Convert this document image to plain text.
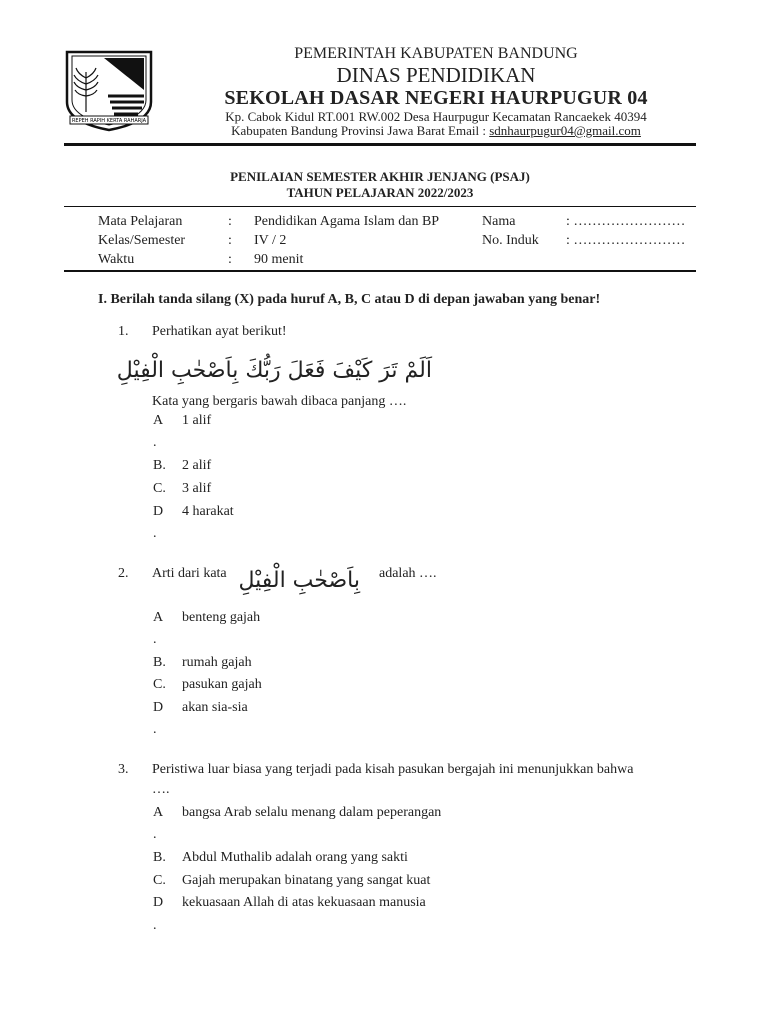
REPEH RAPIH KERTA RAHARJA
PEMERINTAH KABUPATEN BANDUNG
DINAS PENDIDIKAN
SEKOLAH DASAR NEGERI HAURPUGUR 04
Kp. Cabok Kidul RT.001 RW.002 Desa Haurpugur Kecamatan Rancaekek 40394
Kabupaten Bandung Provinsi Jawa Barat Email : sdnhaurpugur04@gmail.com
PENILAIAN SEMESTER AKHIR JENJANG (PSAJ)
TAHUN PELAJARAN 2022/2023
Mata Pelajaran	: Pendidikan Agama Islam dan BP	Nama	: ……………………
Kelas/Semester	: IV / 2	No. Induk : ……………………
Waktu	: 90 menit
I. Berilah tanda silang (X) pada huruf A, B, C atau D di depan jawaban yang benar!
1. Perhatikan ayat berikut!
اَلَمْ تَرَ كَيْفَ فَعَلَ رَبُّكَ بِاَصْحٰبِ الْفِيْلِ
Kata yang bergaris bawah dibaca panjang ….
A 1 alif
.
B. 2 alif
C. 3 alif
D 4 harakat
.
2. Arti dari kata بِاَصْحٰبِ الْفِيْلِ adalah ….
A benteng gajah
.
B. rumah gajah
C. pasukan gajah
D akan sia-sia
.
3. Peristiwa luar biasa yang terjadi pada kisah pasukan bergajah ini menunjukkan bahwa
….
A bangsa Arab selalu menang dalam peperangan
.
B. Abdul Muthalib adalah orang yang sakti
C. Gajah merupakan binatang yang sangat kuat
D kekuasaan Allah di atas kekuasaan manusia
.
